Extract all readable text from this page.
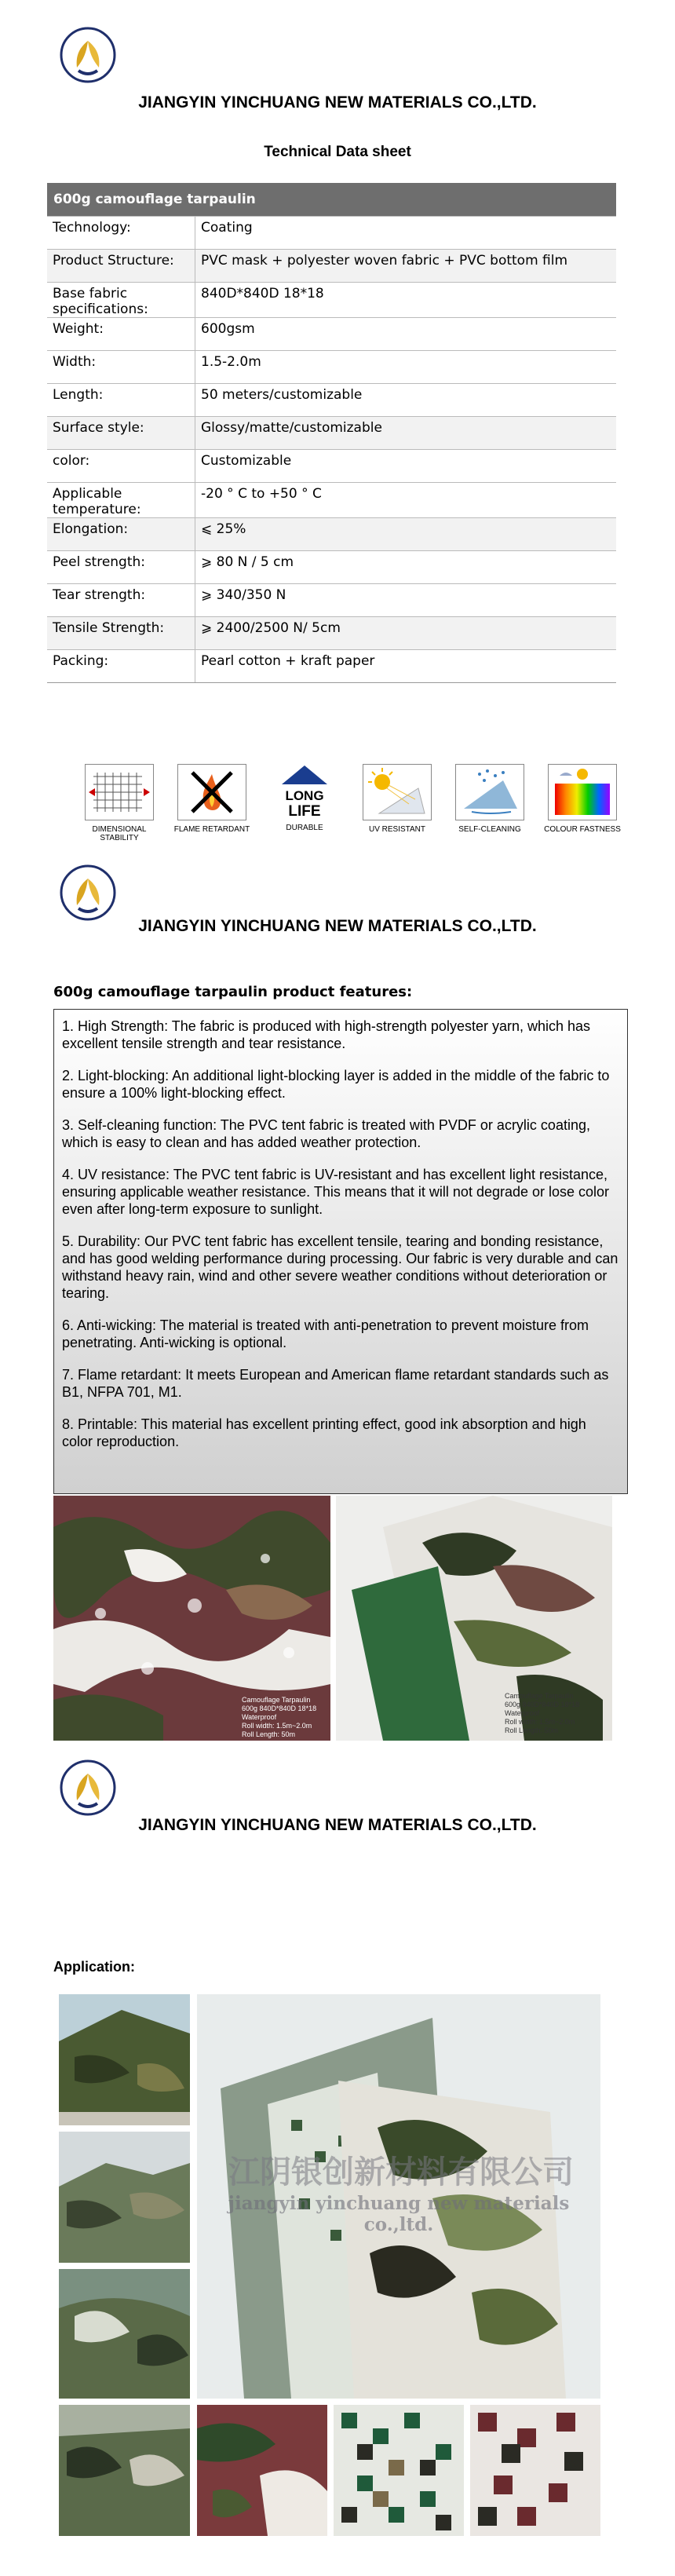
JIANGYIN YINCHUANG NEW MATERIALS CO.,LTD.
Technical Data sheet
600g camouflage tarpaulin	
Technology:	Coating
Product Structure:	PVC mask + polyester woven fabric + PVC bottom film
Base fabric specifications:	840D*840D 18*18
Weight:	600gsm
Width:	1.5-2.0m
Length:	50 meters/customizable
Surface style:	Glossy/matte/customizable
color:	Customizable
Applicable temperature:	-20 ° C to +50 ° C
Elongation:	⩽ 25%
Peel strength:	⩾ 80 N / 5 cm
Tear strength:	⩾ 340/350 N
Tensile Strength:	⩾ 2400/2500 N/ 5cm
Packing:	Pearl cotton + kraft paper
DIMENSIONAL STABILITY
FLAME RETARDANT
LONG
LIFE
DURABLE	UV RESISTANT	SELF-CLEANING	COLOUR FASTNESS
JIANGYIN YINCHUANG NEW MATERIALS CO.,LTD.
600g camouflage tarpaulin product features:

1. High Strength: The fabric is produced with high-strength polyester yarn, which has excellent tensile strength and tear resistance.

2. Light-blocking: An additional light-blocking layer is added in the middle of the fabric to ensure a 100% light-blocking effect.

3. Self-cleaning function: The PVC tent fabric is treated with PVDF or acrylic coating, which is easy to clean and has added weather protection.

4. UV resistance: The PVC tent fabric is UV-resistant and has excellent light resistance, ensuring applicable weather resistance. This means that it will not degrade or lose color even after long-term exposure to sunlight.

5. Durability: Our PVC tent fabric has excellent tensile, tearing and bonding resistance, and has good welding performance during processing. Our fabric is very durable and can withstand heavy rain, wind and other severe weather conditions without deterioration or tearing.

6. Anti-wicking: The material is treated with anti-penetration to prevent moisture from penetrating. Anti-wicking is optional.

7. Flame retardant: It meets European and American flame retardant standards such as B1, NFPA 701, M1.

8. Printable: This material has excellent printing effect, good ink absorption and high color reproduction.

Camouflage Tarpaulin
600g 840D*840D 18*18
Waterproof
Roll width: 1.5m~2.0m
Roll Length: 50m
Camouflage Tarpaulin
600g 840D*840D 18*18
Waterproof
Roll width: 1.5m~2.0m
Roll Length: 50m
JIANGYIN YINCHUANG NEW MATERIALS CO.,LTD.
Application:
江阴银创新材料有限公司
jiangyin yinchuang new materials co.,ltd.
